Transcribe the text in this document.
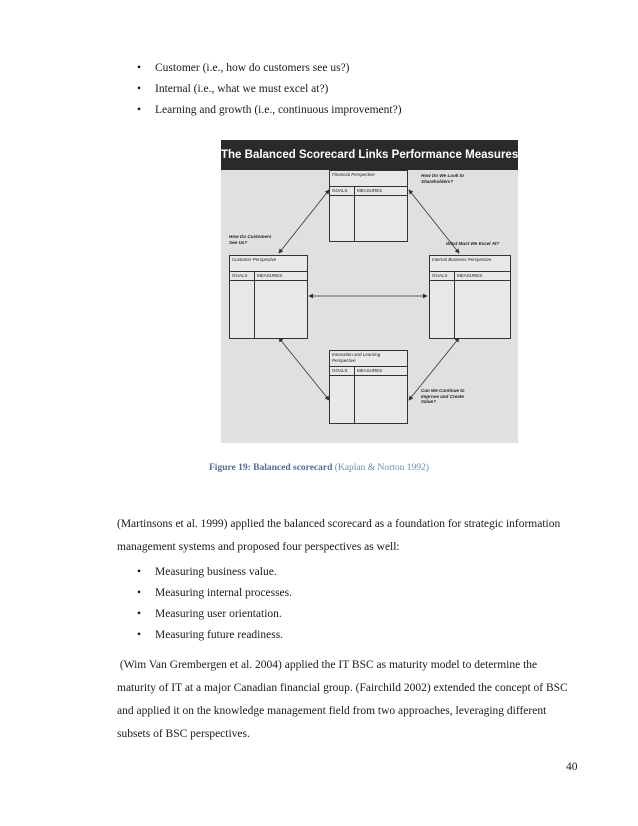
• Customer (i.e., how do customers see us?)
• Internal (i.e., what we must excel at?)
• Learning and growth (i.e., continuous improvement?)
The Balanced Scorecard Links Performance Measures
Financial Perspective
GOALS	MEASURES
Customer Perspective
GOALS	MEASURES
Internal Business Perspective
GOALS	MEASURES
Innovation and Learning Perspective
GOALS	MEASURES
How Do We Look to Shareholders?
How Do Customers See Us?	What Must We Excel At?
Can We Continue to Improve and Create Value?
Figure 19: Balanced scorecard (Kaplan & Norton 1992)
(Martinsons et al. 1999) applied the balanced scorecard as a foundation for strategic information management systems and proposed four perspectives as well:
• Measuring business value.
• Measuring internal processes.
• Measuring user orientation.
• Measuring future readiness.
(Wim Van Grembergen et al. 2004) applied the IT BSC as maturity model to determine the maturity of IT at a major Canadian financial group. (Fairchild 2002) extended the concept of BSC and applied it on the knowledge management field from two approaches, leveraging different subsets of BSC perspectives.
40
